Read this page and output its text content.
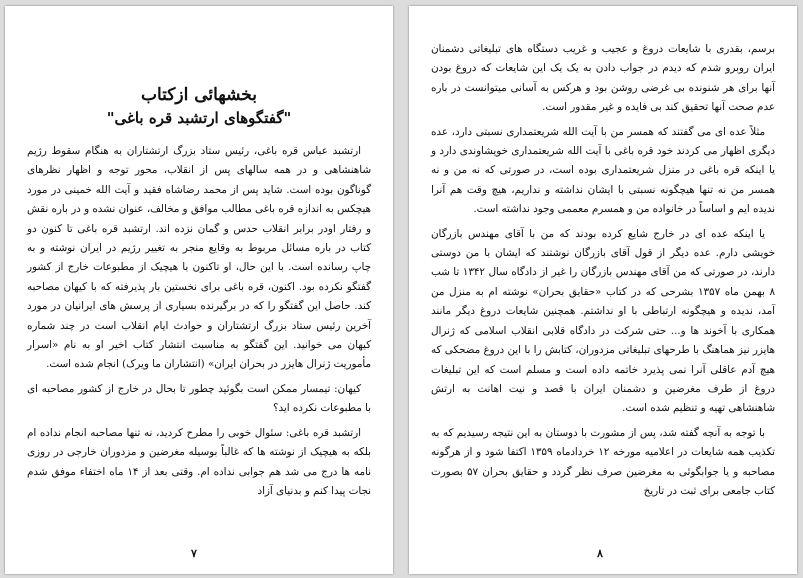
بخشهائی ازکتاب

"گفتگوهای ارتشبد قره باغی"

ارتشبد عباس قره باغی، رئیس ستاد بزرگ ارتشتاران به هنگام سقوط رژیم شاهنشاهی و در همه سالهای پس از انقلاب، محور توجه و اظهار نظرهای گوناگون بوده است. شاید پس از محمد رضاشاه فقید و آیت الله خمینی در مورد هیچکس به اندازه قره باغی مطالب موافق و مخالف، عنوان نشده و در باره نقش و رفتار اودر برابر انقلاب حدس و گمان نزده اند. ارتشبد قره باغی تا کنون دو کتاب در باره مسائل مربوط به وقایع منجر به تغییر رژیم در ایران نوشته و به چاپ رسانده است. با این حال، او تاکنون با هیچیک از مطبوعات خارج از کشور گفتگو نکرده بود. اکنون، قره باغی برای نخستین بار پذیرفته که با کیهان مصاحبه کند. حاصل این گفتگو را که در برگیرنده بسیاری از پرسش های ایرانیان در مورد آخرین رئیس ستاد بزرگ ارتشتاران و حوادث ایام انقلاب است در چند شماره کیهان می خوانید. این گفتگو به مناسبت انتشار کتاب اخیر او به نام «اسرار مأموریت ژنرال هایزر در بحران ایران» (انتشاران ما ویرک) انجام شده است.

کیهان: تیمسار ممکن است بگوئید چطور تا بحال در خارج از کشور مصاحبه ای با مطبوعات نکرده اید؟

ارتشبد قره باغی: سئوال خوبی را مطرح کردید، نه تنها مصاحبه انجام نداده ام بلکه به هیچیک از نوشته ها که غالباً بوسیله مغرضین و مزدوران خارجی در روزی نامه ها درج می شد هم جوابی نداده ام. وقتی بعد از ۱۴ ماه اختفاء موفق شدم نجات پیدا کنم و بدنیای آزاد

۷

برسم، بقدری با شایعات دروغ و عجیب و غریب دستگاه های تبلیغاتی دشمنان ایران روبرو شدم که دیدم در جواب دادن به یک یک این شایعات که دروغ بودن آنها برای هر شنونده بی غرضی روشن بود و هرکس به آسانی میتوانست در باره عدم صحت آنها تحقیق کند بی فایده و غیر مقدور است.

مثلاً عده ای می گفتند که همسر من با آیت الله شریعتمداری نسبتی دارد، عده دیگری اظهار می کردند خود قره باغی با آیت الله شریعتمداری خویشاوندی دارد و یا اینکه قره باغی در منزل شریعتمداری بوده است، در صورتی که نه من و نه همسر من نه تنها هیچگونه نسبتی با ایشان نداشته و نداریم، هیچ وقت هم آنرا ندیده ایم و اساساً در خانواده من و همسرم معممی وجود نداشته است.

یا اینکه عده ای در خارج شایع کرده بودند که من با آقای مهندس بازرگان خویشی دارم. عده دیگر از قول آقای بازرگان نوشتند که ایشان با من دوستی دارند، در صورتی که من آقای مهندس بازرگان را غیر از دادگاه سال ۱۳۴۲ تا شب ۸ بهمن ماه ۱۳۵۷ بشرحی که در کتاب «حقایق بحران» نوشته ام به منزل من آمد، ندیده و هیچگونه ارتباطی با او نداشتم. همچنین شایعات دروغ دیگر مانند همکاری با آخوند ها و... حتی شرکت در دادگاه قلابی انقلاب اسلامی که ژنرال هایزر نیز هماهنگ با طرحهای تبلیغاتی مزدوران، کتابش را با این دروغ مضحکی که هیچ آدم عاقلی آنرا نمی پذیرد خاتمه داده است و مسلم است که این تبلیغات دروغ از طرف مغرضین و دشمنان ایران با قصد و نیت اهانت به ارتش شاهنشاهی تهیه و تنظیم شده است.

با توجه به آنچه گفته شد، پس از مشورت با دوستان به این نتیجه رسیدیم که به تکذیب همه شایعات در اعلامیه مورخه ۱۲ خردادماه ۱۳۵۹ اکتفا شود و از هرگونه مصاحبه و یا جوابگوئی به مغرضین صرف نظر گردد و حقایق بحران ۵۷ بصورت کتاب جامعی برای ثبت در تاریخ

۸
